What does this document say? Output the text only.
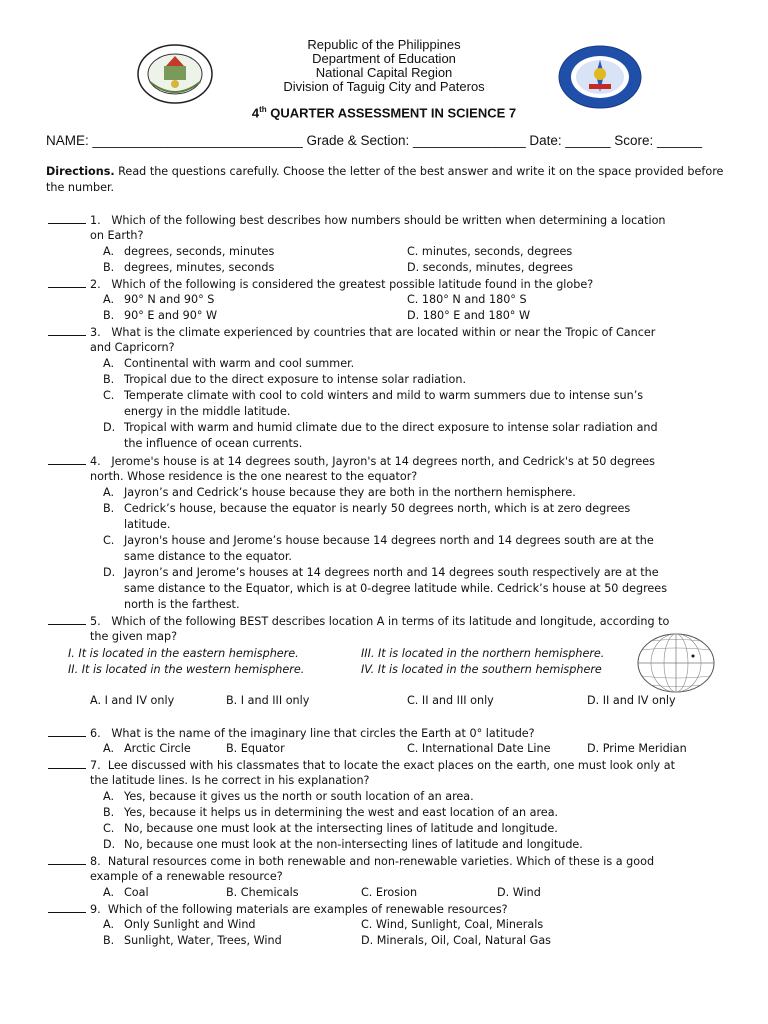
Republic of the Philippines
Department of Education
National Capital Region
Division of Taguig City and Pateros
4th QUARTER ASSESSMENT IN SCIENCE 7
NAME: ____________________________ Grade & Section: _______________ Date: ______ Score: ______
Directions. Read the questions carefully. Choose the letter of the best answer and write it on the space provided before the number.
1. Which of the following best describes how numbers should be written when determining a location
on Earth?
A. degrees, seconds, minutes	C. minutes, seconds, degrees
B. degrees, minutes, seconds	D. seconds, minutes, degrees
2. Which of the following is considered the greatest possible latitude found in the globe?
A. 90° N and 90° S	C. 180° N and 180° S
B. 90° E and 90° W	D. 180° E and 180° W
3. What is the climate experienced by countries that are located within or near the Tropic of Cancer
and Capricorn?
A. Continental with warm and cool summer.
B. Tropical due to the direct exposure to intense solar radiation.
C. Temperate climate with cool to cold winters and mild to warm summers due to intense sun’s
energy in the middle latitude.
D. Tropical with warm and humid climate due to the direct exposure to intense solar radiation and
the influence of ocean currents.
4. Jerome's house is at 14 degrees south, Jayron's at 14 degrees north, and Cedrick's at 50 degrees
north. Whose residence is the one nearest to the equator?
A. Jayron’s and Cedrick’s house because they are both in the northern hemisphere.
B. Cedrick’s house, because the equator is nearly 50 degrees north, which is at zero degrees
latitude.
C. Jayron's house and Jerome’s house because 14 degrees north and 14 degrees south are at the
same distance to the equator.
D. Jayron’s and Jerome’s houses at 14 degrees north and 14 degrees south respectively are at the
same distance to the Equator, which is at 0-degree latitude while. Cedrick’s house at 50 degrees
north is the farthest.
5. Which of the following BEST describes location A in terms of its latitude and longitude, according to
the given map?
I. It is located in the eastern hemisphere.	III. It is located in the northern hemisphere.
II. It is located in the western hemisphere.	IV. It is located in the southern hemisphere
A. I and IV only	B. I and III only	C. II and III only	D. II and IV only
6. What is the name of the imaginary line that circles the Earth at 0° latitude?
A. Arctic Circle	B. Equator	C. International Date Line	D. Prime Meridian
7. Lee discussed with his classmates that to locate the exact places on the earth, one must look only at
the latitude lines. Is he correct in his explanation?
A. Yes, because it gives us the north or south location of an area.
B. Yes, because it helps us in determining the west and east location of an area.
C. No, because one must look at the intersecting lines of latitude and longitude.
D. No, because one must look at the non-intersecting lines of latitude and longitude.
8. Natural resources come in both renewable and non-renewable varieties. Which of these is a good
example of a renewable resource?
A. Coal	B. Chemicals	C. Erosion	D. Wind
9. Which of the following materials are examples of renewable resources?
A. Only Sunlight and Wind	C. Wind, Sunlight, Coal, Minerals
B. Sunlight, Water, Trees, Wind	D. Minerals, Oil, Coal, Natural Gas
